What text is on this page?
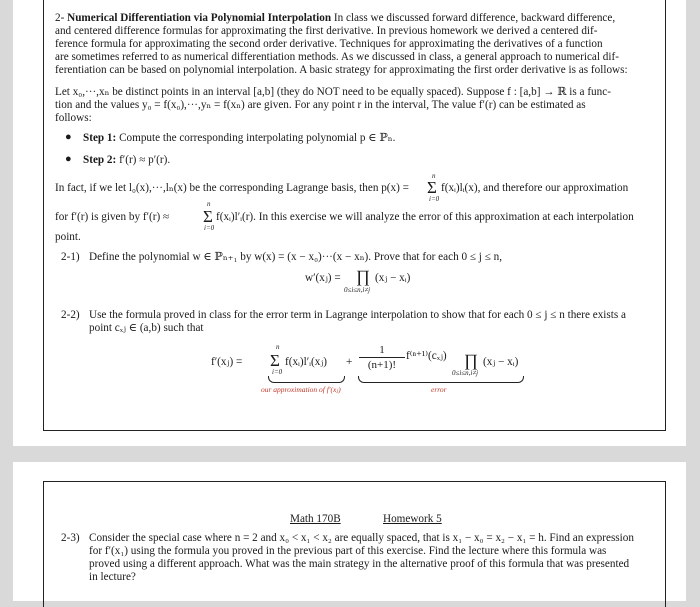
2- Numerical Differentiation via Polynomial Interpolation In class we discussed forward difference, backward difference,
and centered difference formulas for approximating the first derivative. In previous homework we derived a centered dif-
ference formula for approximating the second order derivative. Techniques for approximating the derivatives of a function
are sometimes referred to as numerical differentiation methods. As we discussed in class, a general approach to numerical dif-
ferentiation can be based on polynomial interpolation. A basic strategy for approximating the first order derivative is as follows:
Let x₀,···,xₙ be distinct points in an interval [a,b] (they do NOT need to be equally spaced). Suppose f : [a,b] → ℝ is a func-
tion and the values y₀ = f(x₀),···,yₙ = f(xₙ) are given. For any point r in the interval, The value f′(r) can be estimated as
follows:
● Step 1: Compute the corresponding interpolating polynomial p ∈ ℙₙ.
● Step 2: f′(r) ≈ p′(r).
In fact, if we let l₀(x),···,lₙ(x) be the corresponding Lagrange basis, then p(x) =
n
Σ
i=0
f(xᵢ)lᵢ(x), and therefore our approximation
for f′(r) is given by f′(r) ≈
n
Σ
i=0
f(xᵢ)l′ᵢ(r). In this exercise we will analyze the error of this approximation at each interpolation
point.
2-1) Define the polynomial w ∈ ℙₙ₊₁ by w(x) = (x − x₀)···(x − xₙ). Prove that for each 0 ≤ j ≤ n,
w′(xⱼ) = ∏
0≤i≤n,i≠j
(xⱼ − xᵢ)
2-2) Use the formula proved in class for the error term in Lagrange interpolation to show that for each 0 ≤ j ≤ n there exists a
point cₓⱼ ∈ (a,b) such that
f′(xⱼ) =
n
Σ
i=0
f(xᵢ)l′ᵢ(xⱼ) +
1
(n+1)!
f⁽ⁿ⁺¹⁾(cₓⱼ) ∏
0≤i≤n,i≠j
(xⱼ − xᵢ)
our approximation of f′(xⱼ)	error
Math 170B	Homework 5
2-3) Consider the special case where n = 2 and x₀ < x₁ < x₂ are equally spaced, that is x₁ − x₀ = x₂ − x₁ = h. Find an expression
for f′(x₁) using the formula you proved in the previous part of this exercise. Find the lecture where this formula was
proved using a different approach. What was the main strategy in the alternative proof of this formula that was presented
in lecture?
